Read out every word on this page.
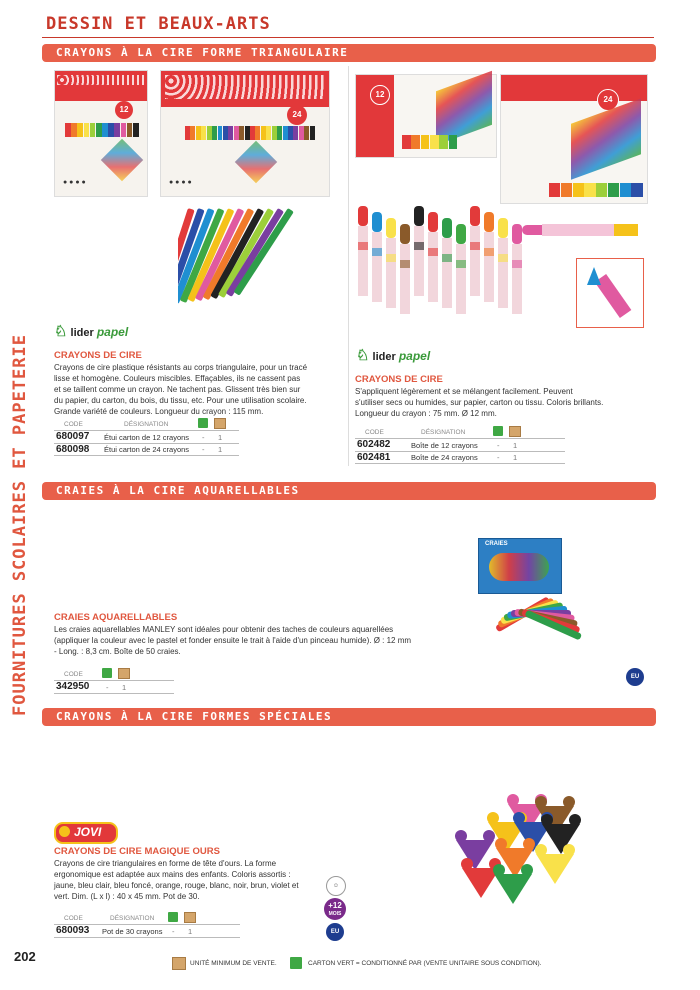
FOURNITURES SCOLAIRES ET PAPETERIE
DESSIN ET BEAUX-ARTS
CRAYONS À LA CIRE FORME TRIANGULAIRE
12
● ● ● ●
24
● ● ● ●
♘ lider papel
CRAYONS DE CIRE
Crayons de cire plastique résistants au corps triangulaire, pour un tracé
lisse et homogène. Couleurs miscibles. Effaçables, ils ne cassent pas
et se taillent comme un crayon. Ne tachent pas. Glissent très bien sur
du papier, du carton, du bois, du tissu, etc. Pour une utilisation scolaire.
Grande variété de couleurs. Longueur du crayon : 115 mm.
CODE	DÉSIGNATION
680097 Étui carton de 12 crayons - 1
680098 Étui carton de 24 crayons - 1
12
24
♘ lider papel
CRAYONS DE CIRE
S'appliquent légèrement et se mélangent facilement. Peuvent
s'utiliser secs ou humides, sur papier, carton ou tissu. Coloris brillants.
Longueur du crayon : 75 mm. Ø 12 mm.
CODE	DÉSIGNATION
602482	Boîte de 12 crayons	- 1
602481	Boîte de 24 crayons	- 1
CRAIES À LA CIRE AQUARELLABLES
CRAIES
CRAIES AQUARELLABLES
Les craies aquarellables MANLEY sont idéales pour obtenir des taches de couleurs aquarellées
(appliquer la couleur avec le pastel et fonder ensuite le trait à l'aide d'un pinceau humide). Ø : 12 mm
- Long. : 8,3 cm. Boîte de 50 craies.
CODE
342950 - 1
EU
CRAYONS À LA CIRE FORMES SPÉCIALES
JOVI
CRAYONS DE CIRE MAGIQUE OURS
Crayons de cire triangulaires en forme de tête d'ours. La forme
ergonomique est adaptée aux mains des enfants. Coloris assortis :
jaune, bleu clair, bleu foncé, orange, rouge, blanc, noir, brun, violet et
vert. Dim. (L x l) : 40 x 45 mm. Pot de 30.
CODE	DÉSIGNATION
680093 Pot de 30 crayons - 1
☺
+12
MOIS
EU
202	UNITÉ MINIMUM DE VENTE.	CARTON VERT = CONDITIONNÉ PAR (VENTE UNITAIRE SOUS CONDITION).
